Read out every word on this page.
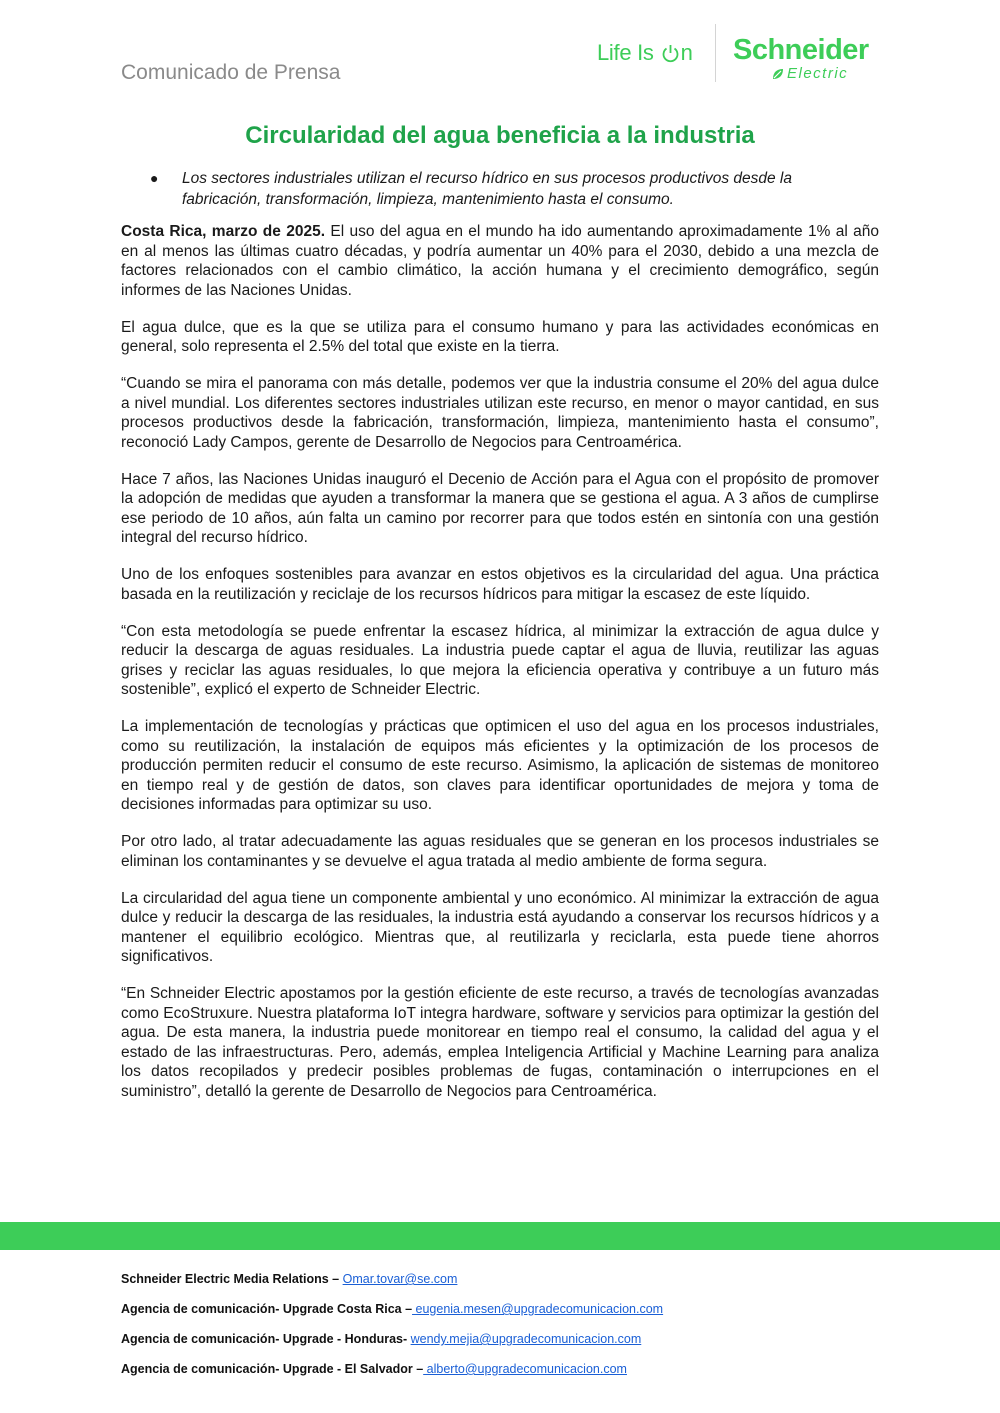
Comunicado de Prensa
Life Is n Schneider
Electric
Circularidad del agua beneficia a la industria
●	Los sectores industriales utilizan el recurso hídrico en sus procesos productivos desde la fabricación, transformación, limpieza, mantenimiento hasta el consumo.

Costa Rica, marzo de 2025. El uso del agua en el mundo ha ido aumentando aproximadamente 1% al año en al menos las últimas cuatro décadas, y podría aumentar un 40% para el 2030, debido a una mezcla de factores relacionados con el cambio climático, la acción humana y el crecimiento demográfico, según informes de las Naciones Unidas.

El agua dulce, que es la que se utiliza para el consumo humano y para las actividades económicas en general, solo representa el 2.5% del total que existe en la tierra.

“Cuando se mira el panorama con más detalle, podemos ver que la industria consume el 20% del agua dulce a nivel mundial. Los diferentes sectores industriales utilizan este recurso, en menor o mayor cantidad, en sus procesos productivos desde la fabricación, transformación, limpieza, mantenimiento hasta el consumo”, reconoció Lady Campos, gerente de Desarrollo de Negocios para Centroamérica.

Hace 7 años, las Naciones Unidas inauguró el Decenio de Acción para el Agua con el propósito de promover la adopción de medidas que ayuden a transformar la manera que se gestiona el agua. A 3 años de cumplirse ese periodo de 10 años, aún falta un camino por recorrer para que todos estén en sintonía con una gestión integral del recurso hídrico.

Uno de los enfoques sostenibles para avanzar en estos objetivos es la circularidad del agua. Una práctica basada en la reutilización y reciclaje de los recursos hídricos para mitigar la escasez de este líquido.

“Con esta metodología se puede enfrentar la escasez hídrica, al minimizar la extracción de agua dulce y reducir la descarga de aguas residuales. La industria puede captar el agua de lluvia, reutilizar las aguas grises y reciclar las aguas residuales, lo que mejora la eficiencia operativa y contribuye a un futuro más sostenible”, explicó el experto de Schneider Electric.

La implementación de tecnologías y prácticas que optimicen el uso del agua en los procesos industriales, como su reutilización, la instalación de equipos más eficientes y la optimización de los procesos de producción permiten reducir el consumo de este recurso. Asimismo, la aplicación de sistemas de monitoreo en tiempo real y de gestión de datos, son claves para identificar oportunidades de mejora y toma de decisiones informadas para optimizar su uso.

Por otro lado, al tratar adecuadamente las aguas residuales que se generan en los procesos industriales se eliminan los contaminantes y se devuelve el agua tratada al medio ambiente de forma segura.

La circularidad del agua tiene un componente ambiental y uno económico. Al minimizar la extracción de agua dulce y reducir la descarga de las residuales, la industria está ayudando a conservar los recursos hídricos y a mantener el equilibrio ecológico. Mientras que, al reutilizarla y reciclarla, esta puede tiene ahorros significativos.

“En Schneider Electric apostamos por la gestión eficiente de este recurso, a través de tecnologías avanzadas como EcoStruxure. Nuestra plataforma IoT integra hardware, software y servicios para optimizar la gestión del agua. De esta manera, la industria puede monitorear en tiempo real el consumo, la calidad del agua y el estado de las infraestructuras. Pero, además, emplea Inteligencia Artificial y Machine Learning para analiza los datos recopilados y predecir posibles problemas de fugas, contaminación o interrupciones en el suministro”, detalló la gerente de Desarrollo de Negocios para Centroamérica.

Schneider Electric Media Relations – Omar.tovar@se.com
Agencia de comunicación- Upgrade Costa Rica – eugenia.mesen@upgradecomunicacion.com
Agencia de comunicación- Upgrade - Honduras- wendy.mejia@upgradecomunicacion.com
Agencia de comunicación- Upgrade - El Salvador – alberto@upgradecomunicacion.com
